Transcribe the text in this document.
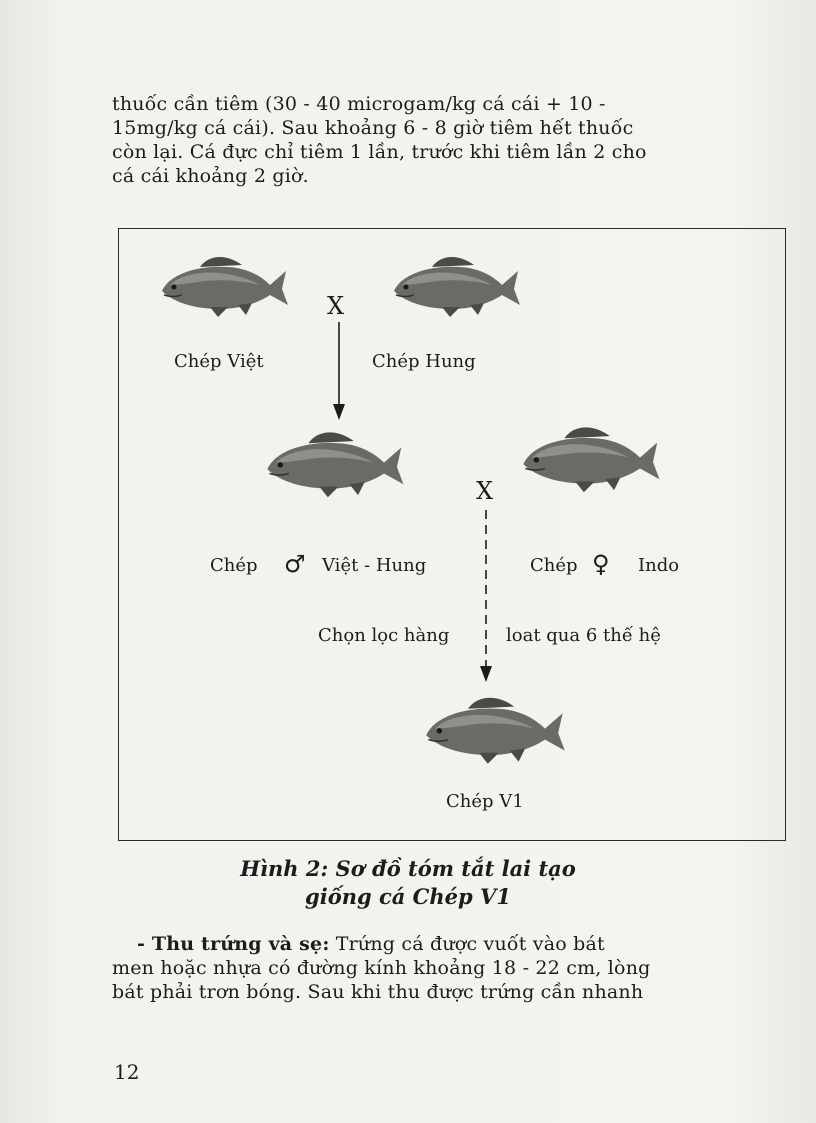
thuốc cần tiêm (30 - 40 microgam/kg cá cái + 10 -
15mg/kg cá cái). Sau khoảng 6 - 8 giờ tiêm hết thuốc
còn lại. Cá đực chỉ tiêm 1 lần, trước khi tiêm lần 2 cho
cá cái khoảng 2 giờ.
X
Chép Việt	Chép Hung
X
Chép ♂ Việt - Hung	Chép ♀ Indo
Chọn lọc hàng	loat qua 6 thế hệ
Chép V1
Hình 2: Sơ đồ tóm tắt lai tạo
giống cá Chép V1
- Thu trứng và sẹ: Trứng cá được vuốt vào bát
men hoặc nhựa có đường kính khoảng 18 - 22 cm, lòng
bát phải trơn bóng. Sau khi thu được trứng cần nhanh
12
